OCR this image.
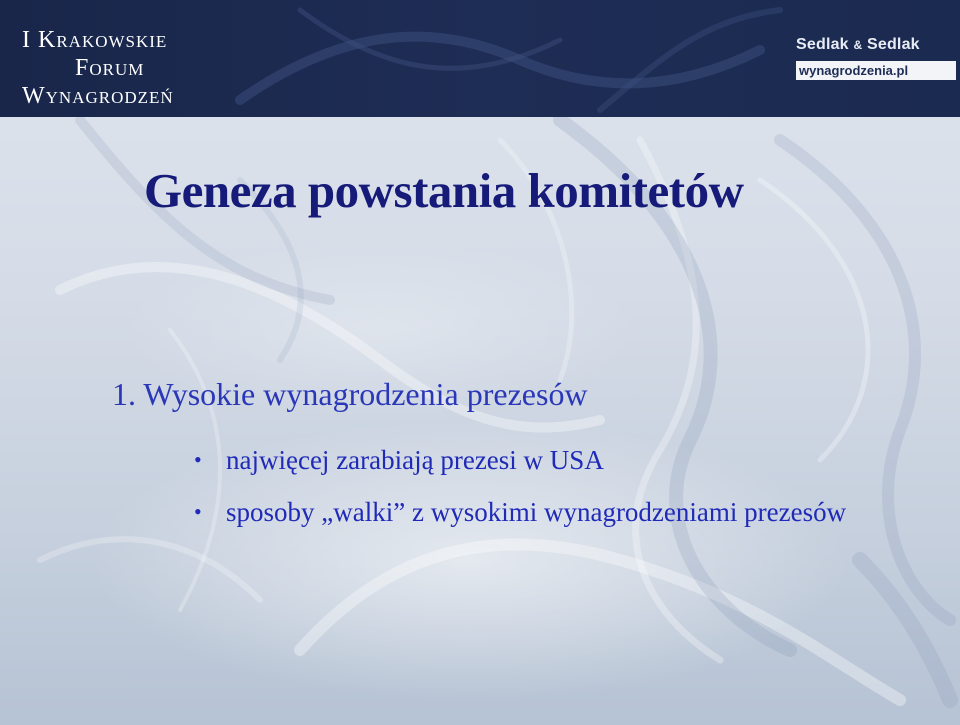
I Krakowskie
Forum
Wynagrodzeń
Sedlak & Sedlak
wynagrodzenia.pl
Geneza powstania komitetów
1. Wysokie wynagrodzenia prezesów
• najwięcej zarabiają prezesi w USA
• sposoby „walki” z wysokimi wynagrodzeniami prezesów
